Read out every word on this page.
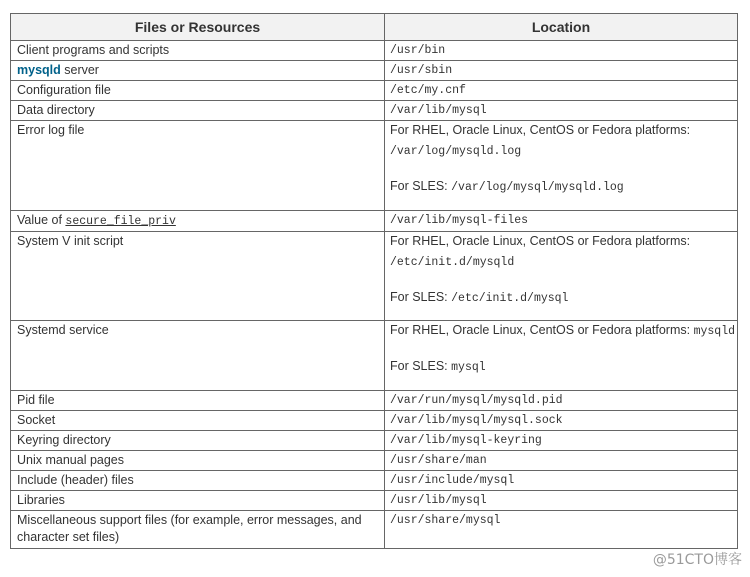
Files or Resources	Location
Client programs and scripts	/usr/bin
mysqld server	/usr/sbin
Configuration file	/etc/my.cnf
Data directory	/var/lib/mysql
Error log file	For RHEL, Oracle Linux, CentOS or Fedora platforms:
/var/log/mysqld.log
For SLES: /var/log/mysql/mysqld.log

Value of secure_file_priv	/var/lib/mysql-files
System V init script	For RHEL, Oracle Linux, CentOS or Fedora platforms:
/etc/init.d/mysqld
For SLES: /etc/init.d/mysql

Systemd service	For RHEL, Oracle Linux, CentOS or Fedora platforms: mysqld
For SLES: mysql

Pid file	/var/run/mysql/mysqld.pid
Socket	/var/lib/mysql/mysql.sock
Keyring directory	/var/lib/mysql-keyring
Unix manual pages	/usr/share/man
Include (header) files	/usr/include/mysql
Libraries	/usr/lib/mysql
Miscellaneous support files (for example, error messages, and character set files)	/usr/share/mysql
@51CTO博客
